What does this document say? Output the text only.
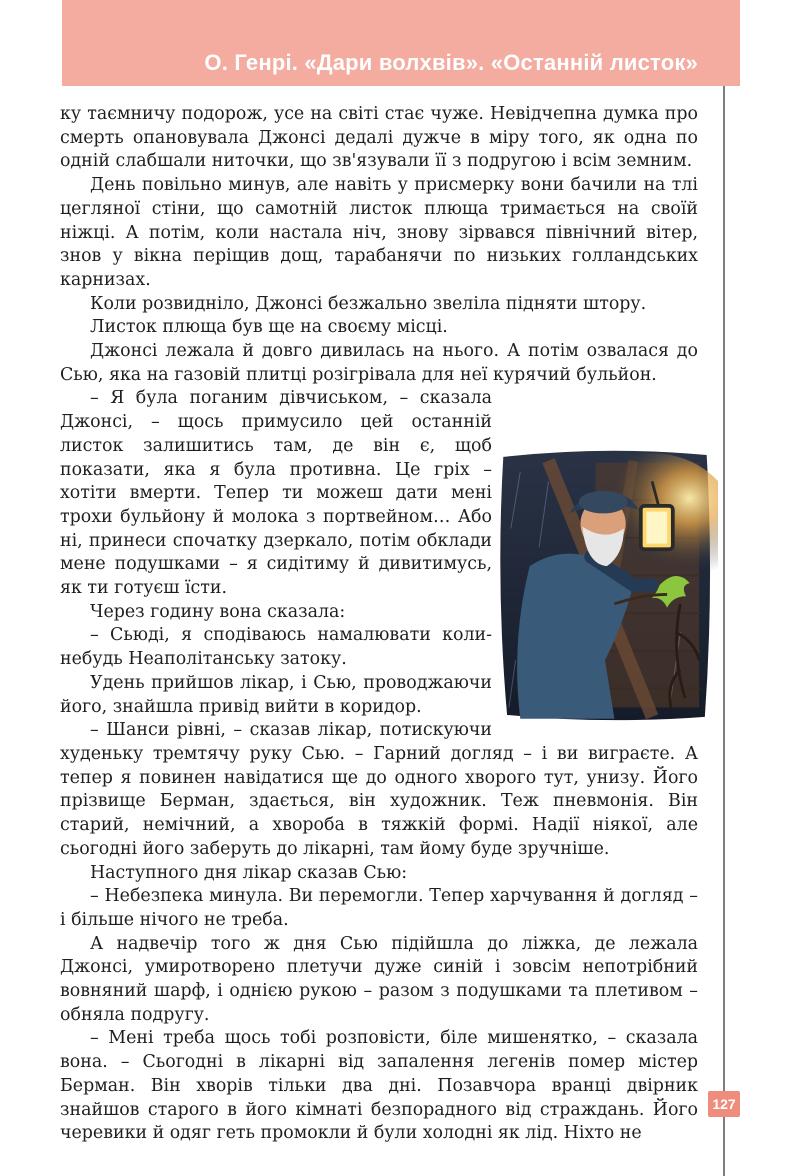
О. Генрі. «Дари волхвів». «Останній листок»

ку таємничу подорож, усе на світі стає чуже. Невідчепна думка про смерть опановувала Джонсі дедалі дужче в міру того, як одна по одній слабшали ниточки, що зв'язували її з подругою і всім земним.

День повільно минув, але навіть у присмерку вони бачили на тлі цегляної стіни, що самотній листок плюща тримається на своїй ніжці. А потім, коли настала ніч, знову зірвався північний вітер, знов у вікна періщив дощ, тарабанячи по низьких голландських карнизах.

Коли розвидніло, Джонсі безжально звеліла підняти штору.

Листок плюща був ще на своєму місці.

Джонсі лежала й довго дивилась на нього. А потім озвалася до Сью, яка на газовій плитці розігрівала для неї курячий бульйон.

– Я була поганим дівчиськом, – сказала Джонсі, – щось примусило цей останній листок залишитись там, де він є, щоб показати, яка я була противна. Це гріх – хотіти вмерти. Тепер ти можеш дати мені трохи бульйону й молока з портвейном… Або ні, принеси спочатку дзеркало, потім обклади мене подушками – я сидітиму й дивитимусь, як ти готуєш їсти.

Через годину вона сказала:

– Сьюді, я сподіваюсь намалювати коли-небудь Неаполітанську затоку.

Удень прийшов лікар, і Сью, проводжаючи його, знайшла привід вийти в коридор.

– Шанси рівні, – сказав лікар, потискуючи худеньку тремтячу руку Сью. – Гарний догляд – і ви виграєте. А тепер я повинен навідатися ще до одного хворого тут, унизу. Його прізвище Берман, здається, він художник. Теж пневмонія. Він старий, немічний, а хвороба в тяжкій формі. Надії ніякої, але сьогодні його заберуть до лікарні, там йому буде зручніше.

Наступного дня лікар сказав Сью:

– Небезпека минула. Ви перемогли. Тепер харчування й догляд – і більше нічого не треба.

А надвечір того ж дня Сью підійшла до ліжка, де лежала Джонсі, умиротворено плетучи дуже синій і зовсім непотрібний вовняний шарф, і однією рукою – разом з подушками та плетивом – обняла подругу.

– Мені треба щось тобі розповісти, біле мишенятко, – сказала вона. – Сьогодні в лікарні від запалення легенів помер містер Берман. Він хворів тільки два дні. Позавчора вранці двірник знайшов старого в його кімнаті безпорадного від страждань. Його черевики й одяг геть промокли й були холодні як лід. Ніхто не

127
